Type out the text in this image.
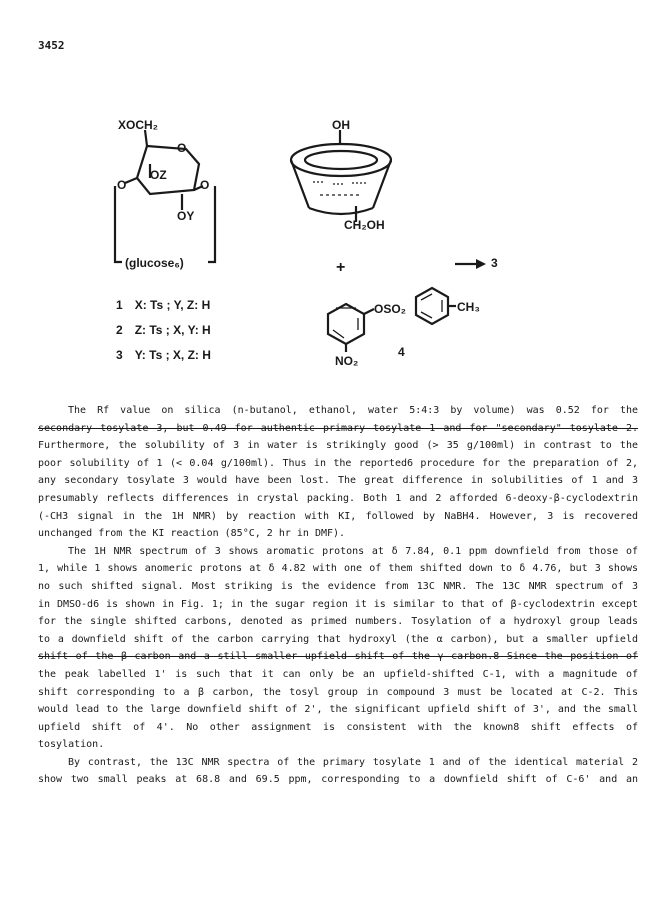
3452
XOCH₂
O
OZ
O	O
OY
(glucose₆)
OH
CH₂OH
+	3
OSO₂	CH₃
NO₂
4
1 X: Ts ; Y, Z: H
2 Z: Ts ; X, Y: H
3 Y: Ts ; X, Z: H
The Rf value on silica (n-butanol, ethanol, water 5:4:3 by volume) was 0.52 for the
secondary tosylate 3, but 0.49 for authentic primary tosylate 1 and for "secondary" tosylate 2.
Furthermore, the solubility of 3 in water is strikingly good (> 35 g/100ml) in contrast to the
poor solubility of 1 (< 0.04 g/100ml). Thus in the reported6 procedure for the preparation of 2,
any secondary tosylate 3 would have been lost. The great difference in solubilities of 1 and 3
presumably reflects differences in crystal packing. Both 1 and 2 afforded 6-deoxy-β-cyclodextrin
(-CH3 signal in the 1H NMR) by reaction with KI, followed by NaBH4. However, 3 is recovered
unchanged from the KI reaction (85°C, 2 hr in DMF).
The 1H NMR spectrum of 3 shows aromatic protons at δ 7.84, 0.1 ppm downfield from those of
1, while 1 shows anomeric protons at δ 4.82 with one of them shifted down to δ 4.76, but 3 shows
no such shifted signal. Most striking is the evidence from 13C NMR. The 13C NMR spectrum of 3
in DMSO-d6 is shown in Fig. 1; in the sugar region it is similar to that of β-cyclodextrin except
for the single shifted carbons, denoted as primed numbers. Tosylation of a hydroxyl group leads
to a downfield shift of the carbon carrying that hydroxyl (the α carbon), but a smaller upfield
shift of the β carbon and a still smaller upfield shift of the γ carbon.8 Since the position of
the peak labelled 1' is such that it can only be an upfield-shifted C-1, with a magnitude of
shift corresponding to a β carbon, the tosyl group in compound 3 must be located at C-2. This
would lead to the large downfield shift of 2', the significant upfield shift of 3', and the small
upfield shift of 4'. No other assignment is consistent with the known8 shift effects of
tosylation.
By contrast, the 13C NMR spectra of the primary tosylate 1 and of the identical material 2
show two small peaks at 68.8 and 69.5 ppm, corresponding to a downfield shift of C-6' and an
